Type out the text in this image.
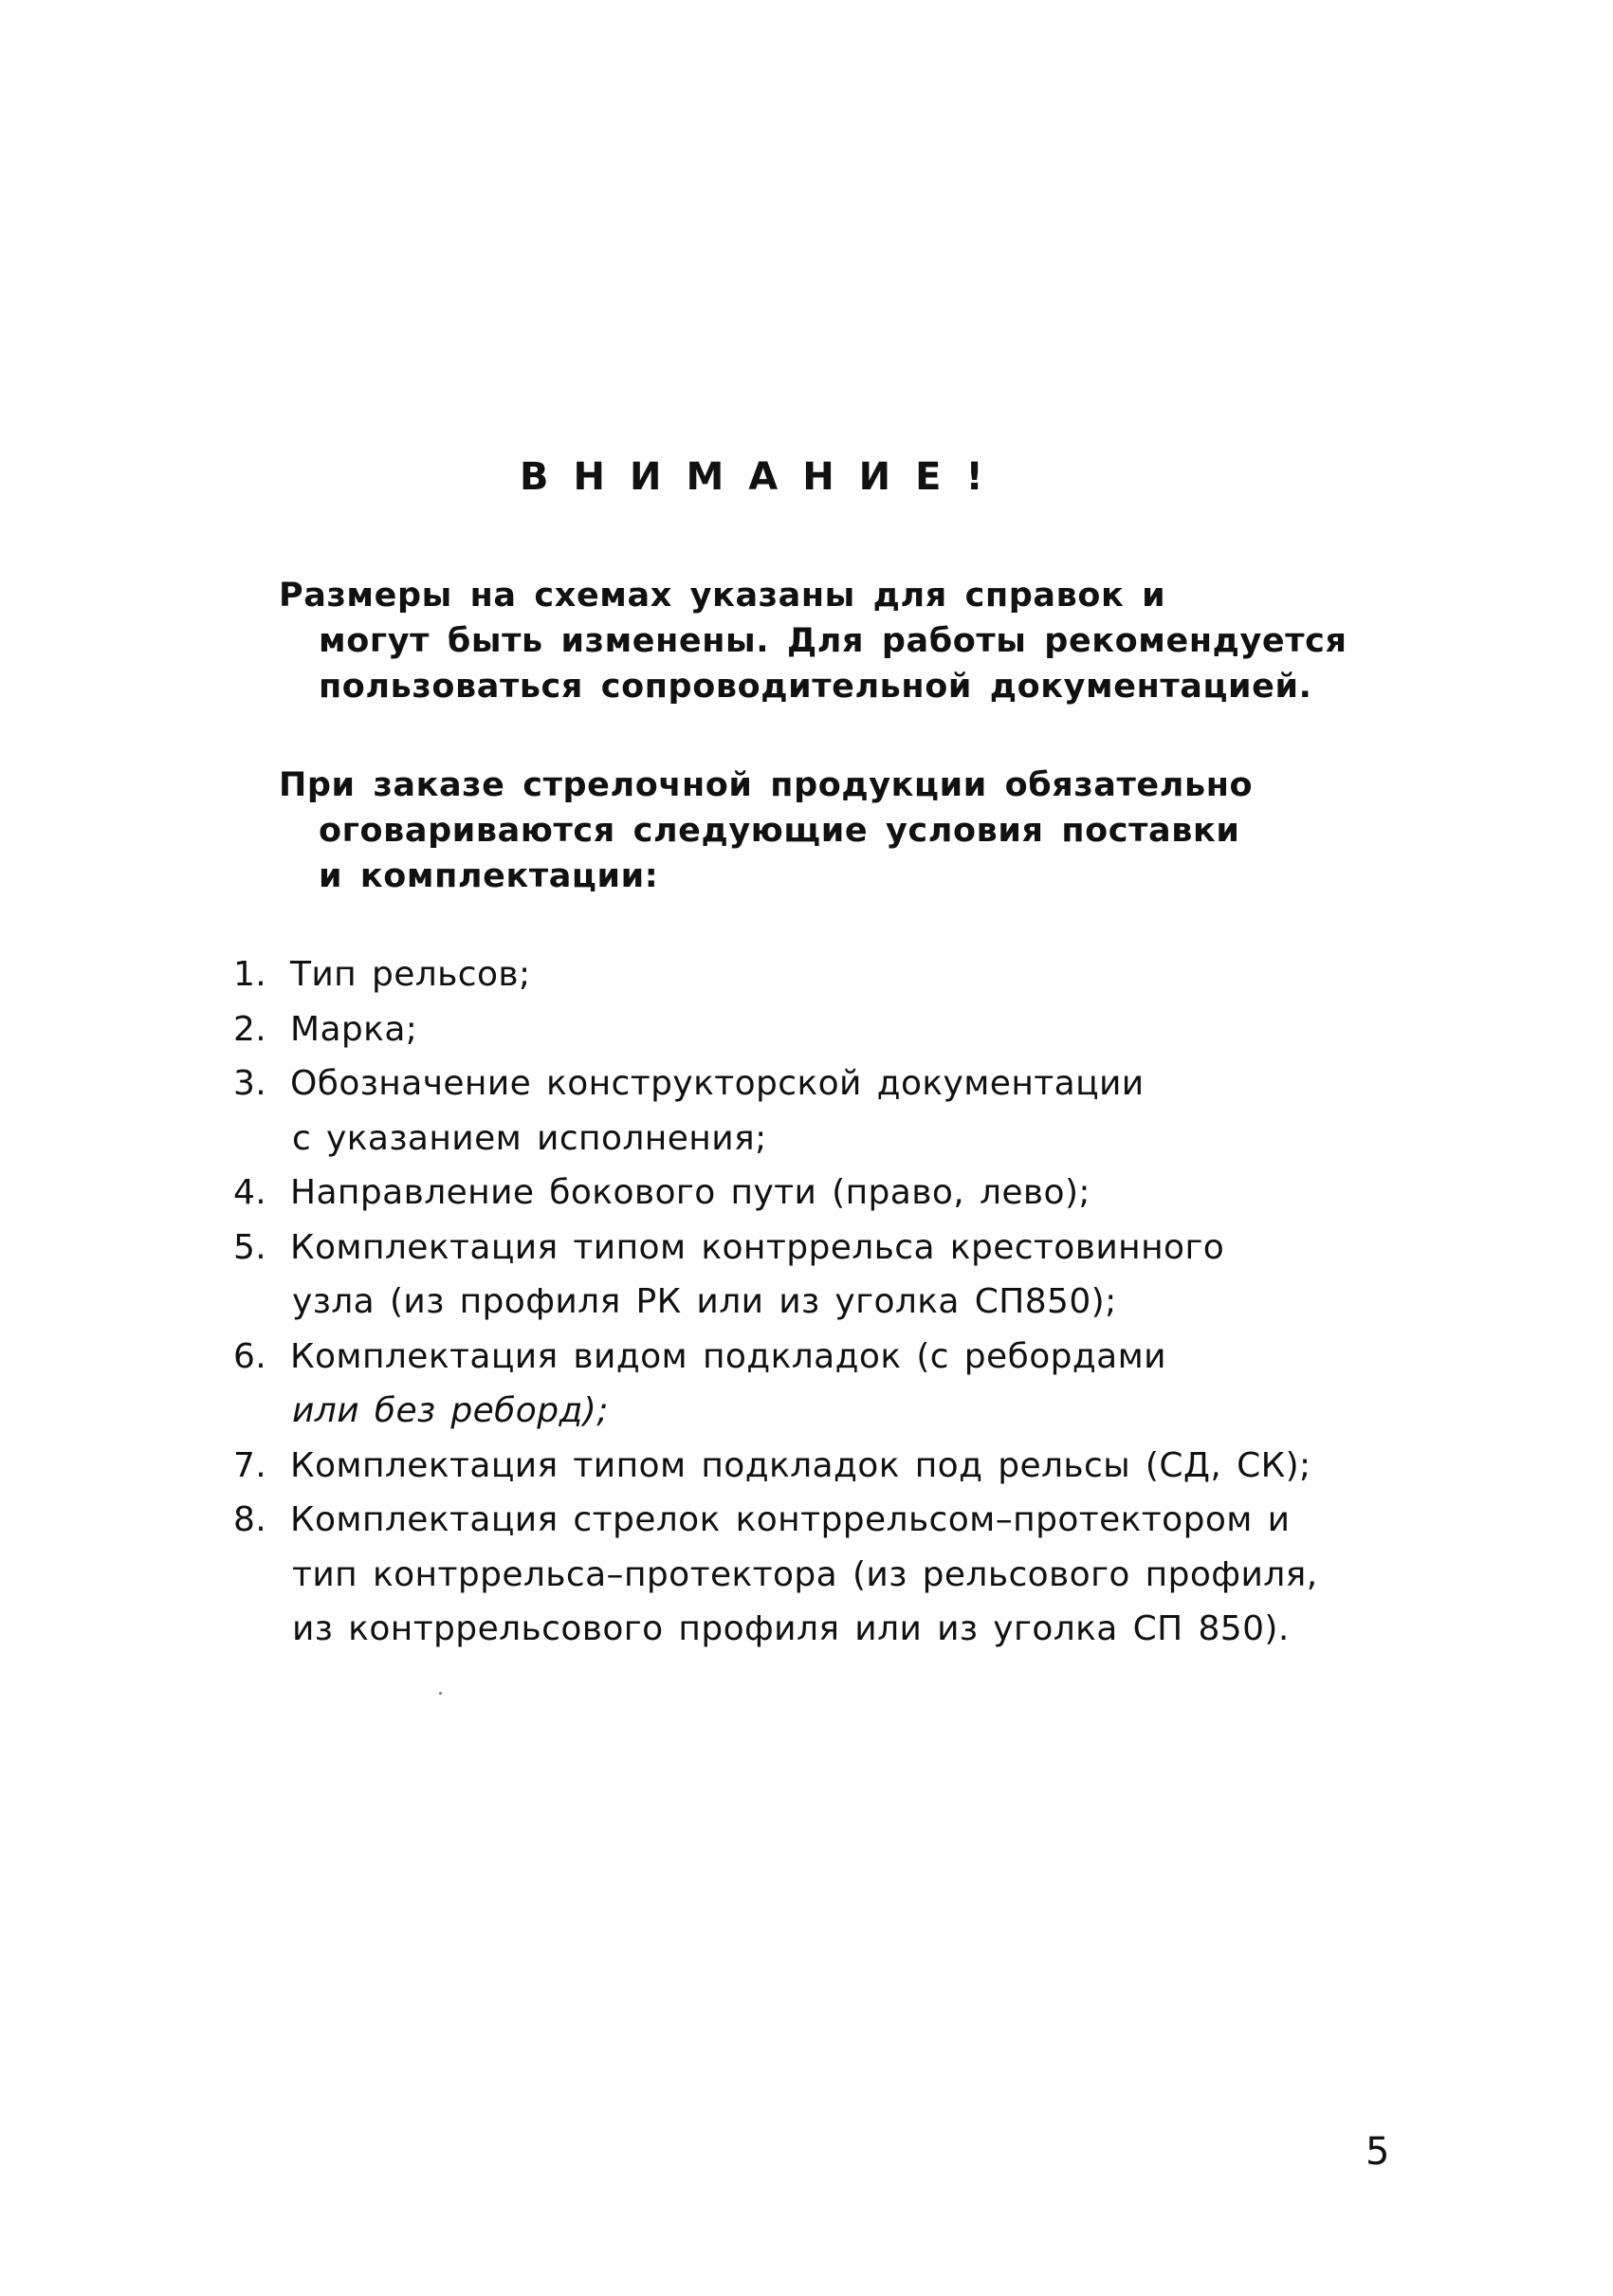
ВНИМАНИЕ!
Размеры на схемах указаны для справок и
могут быть изменены. Для работы рекомендуется
пользоваться сопроводительной документацией.
При заказе стрелочной продукции обязательно
оговариваются следующие условия поставки
и комплектации:
1. Тип рельсов;
2. Марка;
3. Обозначение конструкторской документации
с указанием исполнения;
4. Направление бокового пути (право, лево);
5. Комплектация типом контррельса крестовинного
узла (из профиля РК или из уголка СП850);
6. Комплектация видом подкладок (с ребордами
или без реборд);
7. Комплектация типом подкладок под рельсы (СД, СК);
8. Комплектация стрелок контррельсом–протектором и
тип контррельса–протектора (из рельсового профиля,
из контррельсового профиля или из уголка СП 850).
5
